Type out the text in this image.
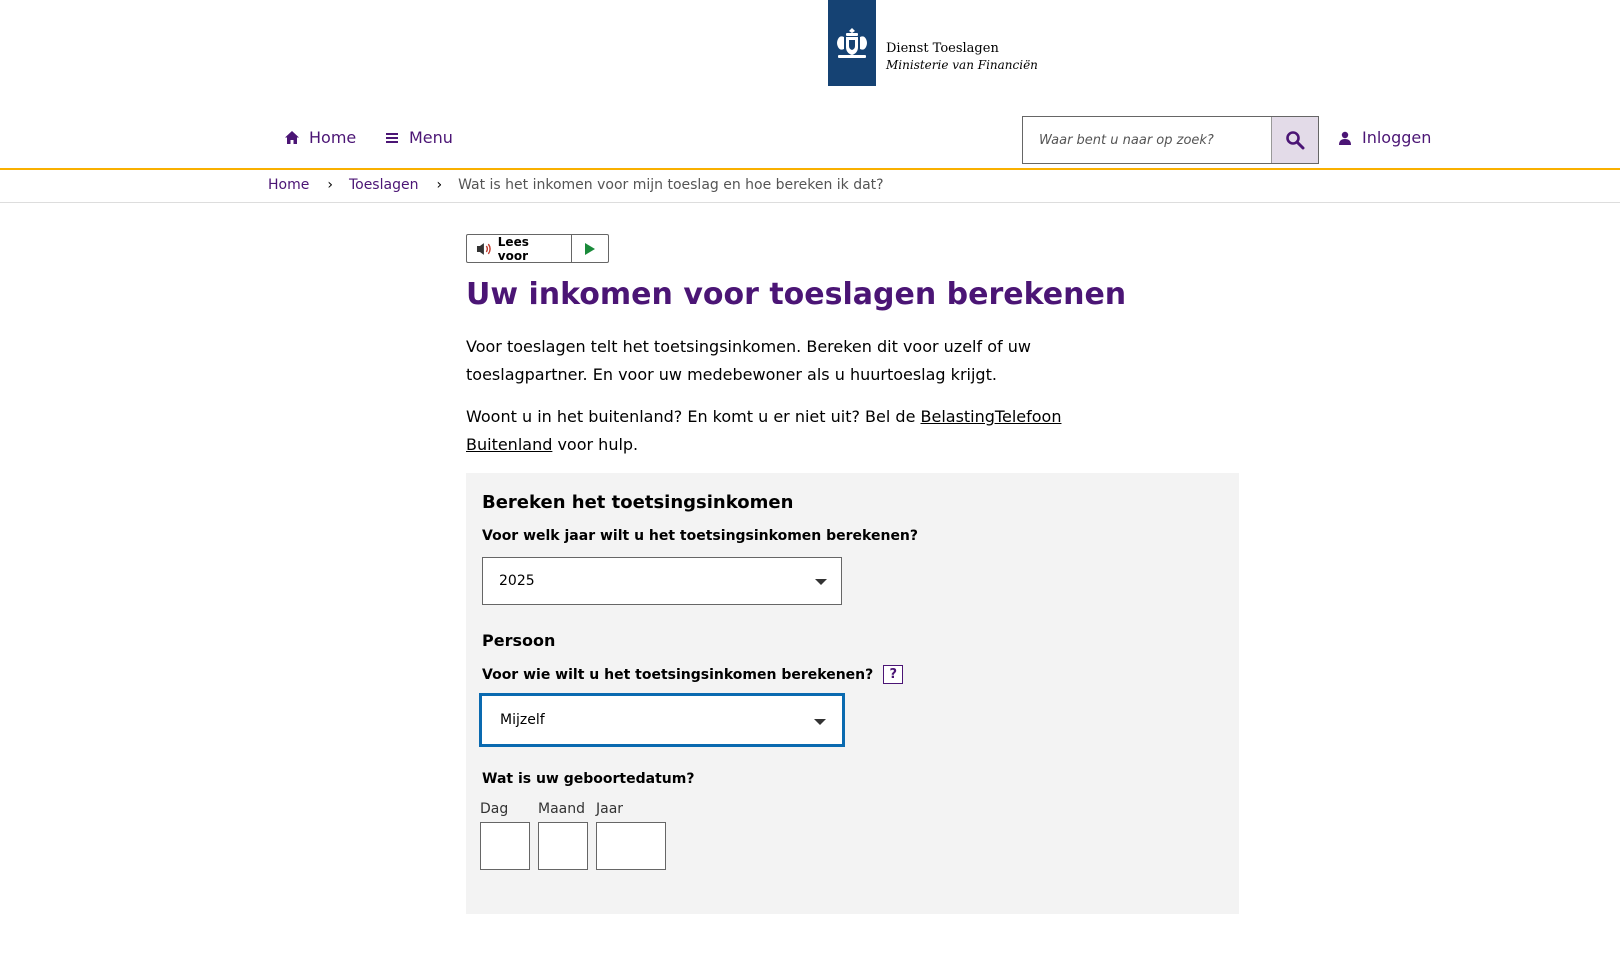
Dienst Toeslagen
Ministerie van Financiën
Home	Menu
Waar bent u naar op zoek?	Inloggen
Home › Toeslagen › Wat is het inkomen voor mijn toeslag en hoe bereken ik dat?
Lees voor
Uw inkomen voor toeslagen berekenen

Voor toeslagen telt het toetsingsinkomen. Bereken dit voor uzelf of uw toeslagpartner. En voor uw medebewoner als u huurtoeslag krijgt.

Woont u in het buitenland? En komt u er niet uit? Bel de BelastingTelefoon Buitenland voor hulp.

Bereken het toetsingsinkomen
Voor welk jaar wilt u het toetsingsinkomen berekenen?
2025
Persoon
Voor wie wilt u het toetsingsinkomen berekenen?	?
Mijzelf
Wat is uw geboortedatum?
Dag	Maand Jaar
